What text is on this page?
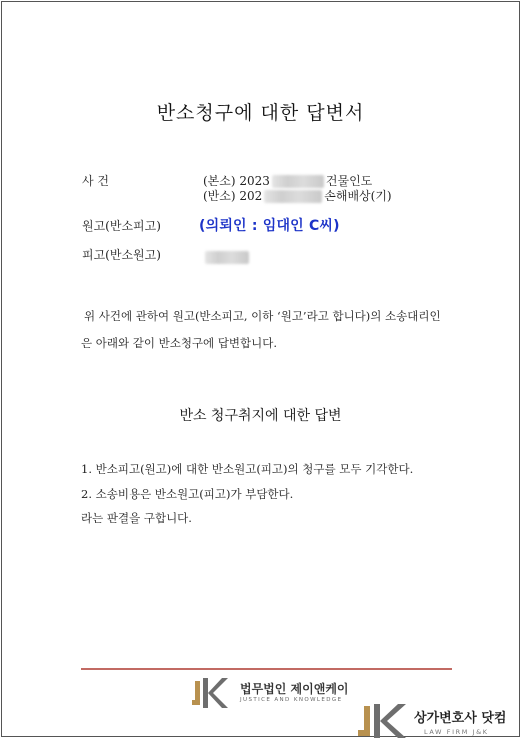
반소청구에 대한 답변서
사 건	(본소) 2023	건물인도
(반소) 202	손해배상(기)
원고(반소피고)	(의뢰인 : 임대인 C씨)
피고(반소원고)
위 사건에 관하여 원고(반소피고, 이하 ‘원고’라고 합니다)의 소송대리인
은 아래와 같이 반소청구에 답변합니다.
반소 청구취지에 대한 답변
1. 반소피고(원고)에 대한 반소원고(피고)의 청구를 모두 기각한다.
2. 소송비용은 반소원고(피고)가 부담한다.
라는 판결을 구합니다.
법무법인 제이앤케이
JUSTICE AND KNOWLEDGE
상가변호사 닷컴
LAW FIRM J&K
